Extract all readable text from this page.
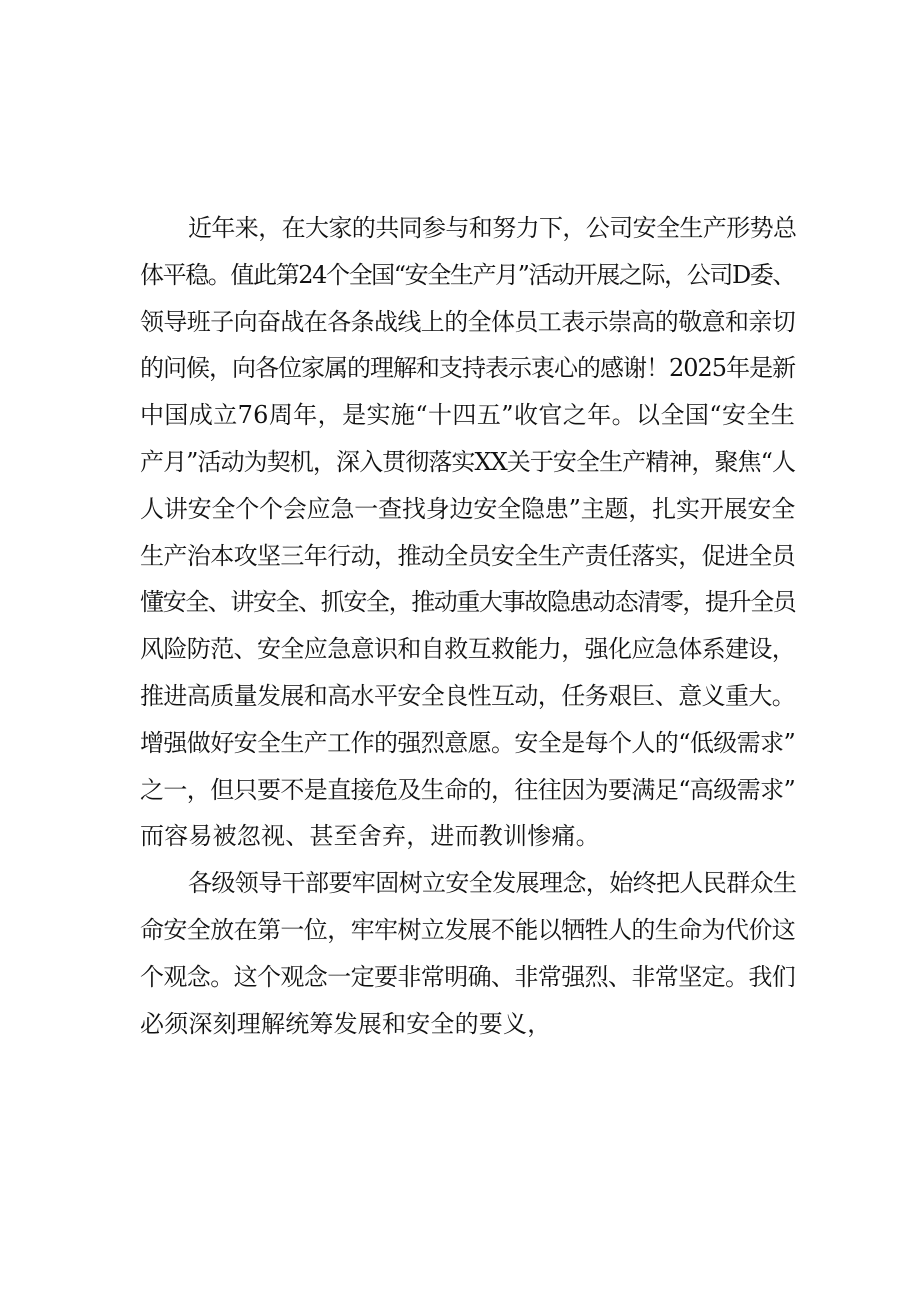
近年来，在大家的共同参与和努力下，公司安全生产形势总
体平稳。值此第24个全国“安全生产月”活动开展之际，公司D委、
领导班子向奋战在各条战线上的全体员工表示崇高的敬意和亲切
的问候，向各位家属的理解和支持表示衷心的感谢！2025年是新
中国成立76周年，是实施“十四五”收官之年。以全国“安全生
产月”活动为契机，深入贯彻落实XX关于安全生产精神，聚焦“人
人讲安全个个会应急一查找身边安全隐患”主题，扎实开展安全
生产治本攻坚三年行动，推动全员安全生产责任落实，促进全员
懂安全、讲安全、抓安全，推动重大事故隐患动态清零，提升全员
风险防范、安全应急意识和自救互救能力，强化应急体系建设，
推进高质量发展和高水平安全良性互动，任务艰巨、意义重大。
增强做好安全生产工作的强烈意愿。安全是每个人的“低级需求”
之一，但只要不是直接危及生命的，往往因为要满足“高级需求”
而容易被忽视、甚至舍弃，进而教训惨痛。
各级领导干部要牢固树立安全发展理念，始终把人民群众生
命安全放在第一位，牢牢树立发展不能以牺牲人的生命为代价这
个观念。这个观念一定要非常明确、非常强烈、非常坚定。我们
必须深刻理解统筹发展和安全的要义，
